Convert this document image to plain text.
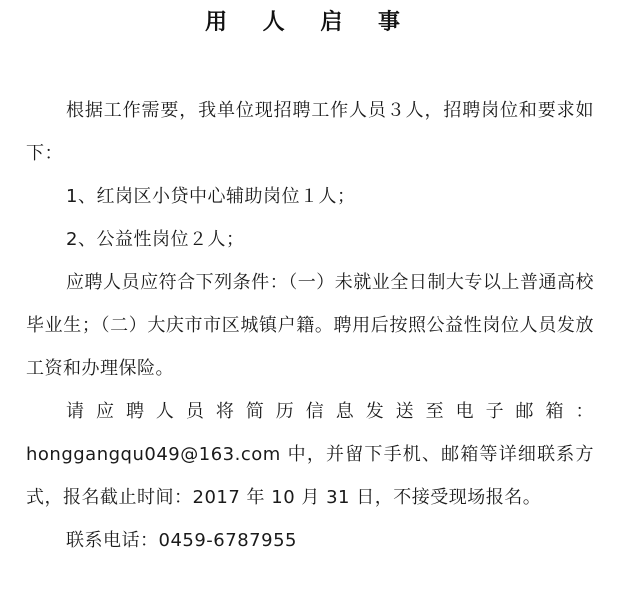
用 人 启 事

根据工作需要，我单位现招聘工作人员３人，招聘岗位和要求如下：

1、红岗区小贷中心辅助岗位１人；

2、公益性岗位２人；

应聘人员应符合下列条件：（一）未就业全日制大专以上普通高校毕业生；（二）大庆市市区城镇户籍。聘用后按照公益性岗位人员发放工资和办理保险。

请应聘人员将简历信息发送至电子邮箱：

honggangqu049@163.com 中，并留下手机、邮箱等详细联系方式，报名截止时间：2017 年 10 月 31 日，不接受现场报名。

联系电话：0459-6787955
